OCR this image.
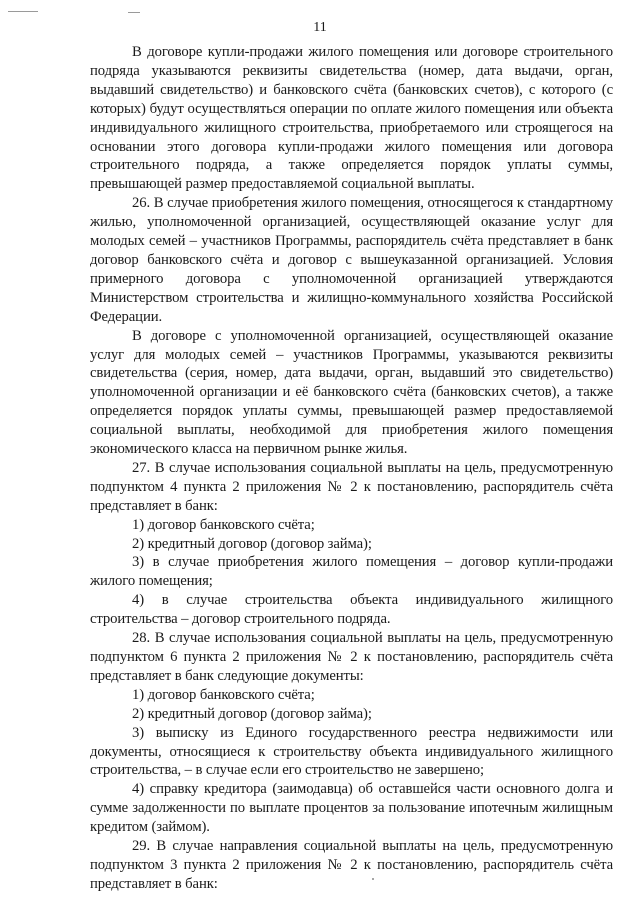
11

В договоре купли-продажи жилого помещения или договоре строительного подряда указываются реквизиты свидетельства (номер, дата выдачи, орган, выдавший свидетельство) и банковского счёта (банковских счетов), с которого (с которых) будут осуществляться операции по оплате жилого помещения или объекта индивидуального жилищного строительства, приобретаемого или строящегося на основании этого договора купли-продажи жилого помещения или договора строительного подряда, а также определяется порядок уплаты суммы, превышающей размер предоставляемой социальной выплаты.

26. В случае приобретения жилого помещения, относящегося к стандартному жилью, уполномоченной организацией, осуществляющей оказание услуг для молодых семей – участников Программы, распорядитель счёта представляет в банк договор банковского счёта и договор с вышеуказанной организацией. Условия примерного договора с уполномоченной организацией утверждаются Министерством строительства и жилищно-коммунального хозяйства Российской Федерации.

В договоре с уполномоченной организацией, осуществляющей оказание услуг для молодых семей – участников Программы, указываются реквизиты свидетельства (серия, номер, дата выдачи, орган, выдавший это свидетельство) уполномоченной организации и её банковского счёта (банковских счетов), а также определяется порядок уплаты суммы, превышающей размер предоставляемой социальной выплаты, необходимой для приобретения жилого помещения экономического класса на первичном рынке жилья.

27. В случае использования социальной выплаты на цель, предусмотренную подпунктом 4 пункта 2 приложения № 2 к постановлению, распорядитель счёта представляет в банк:

1) договор банковского счёта;

2) кредитный договор (договор займа);

3) в случае приобретения жилого помещения – договор купли-продажи жилого помещения;

4) в случае строительства объекта индивидуального жилищного строительства – договор строительного подряда.

28. В случае использования социальной выплаты на цель, предусмотренную подпунктом 6 пункта 2 приложения № 2 к постановлению, распорядитель счёта представляет в банк следующие документы:

1) договор банковского счёта;

2) кредитный договор (договор займа);

3) выписку из Единого государственного реестра недвижимости или документы, относящиеся к строительству объекта индивидуального жилищного строительства, – в случае если его строительство не завершено;

4) справку кредитора (заимодавца) об оставшейся части основного долга и сумме задолженности по выплате процентов за пользование ипотечным жилищным кредитом (займом).

29. В случае направления социальной выплаты на цель, предусмотренную подпунктом 3 пункта 2 приложения № 2 к постановлению, распорядитель счёта представляет в банк:
